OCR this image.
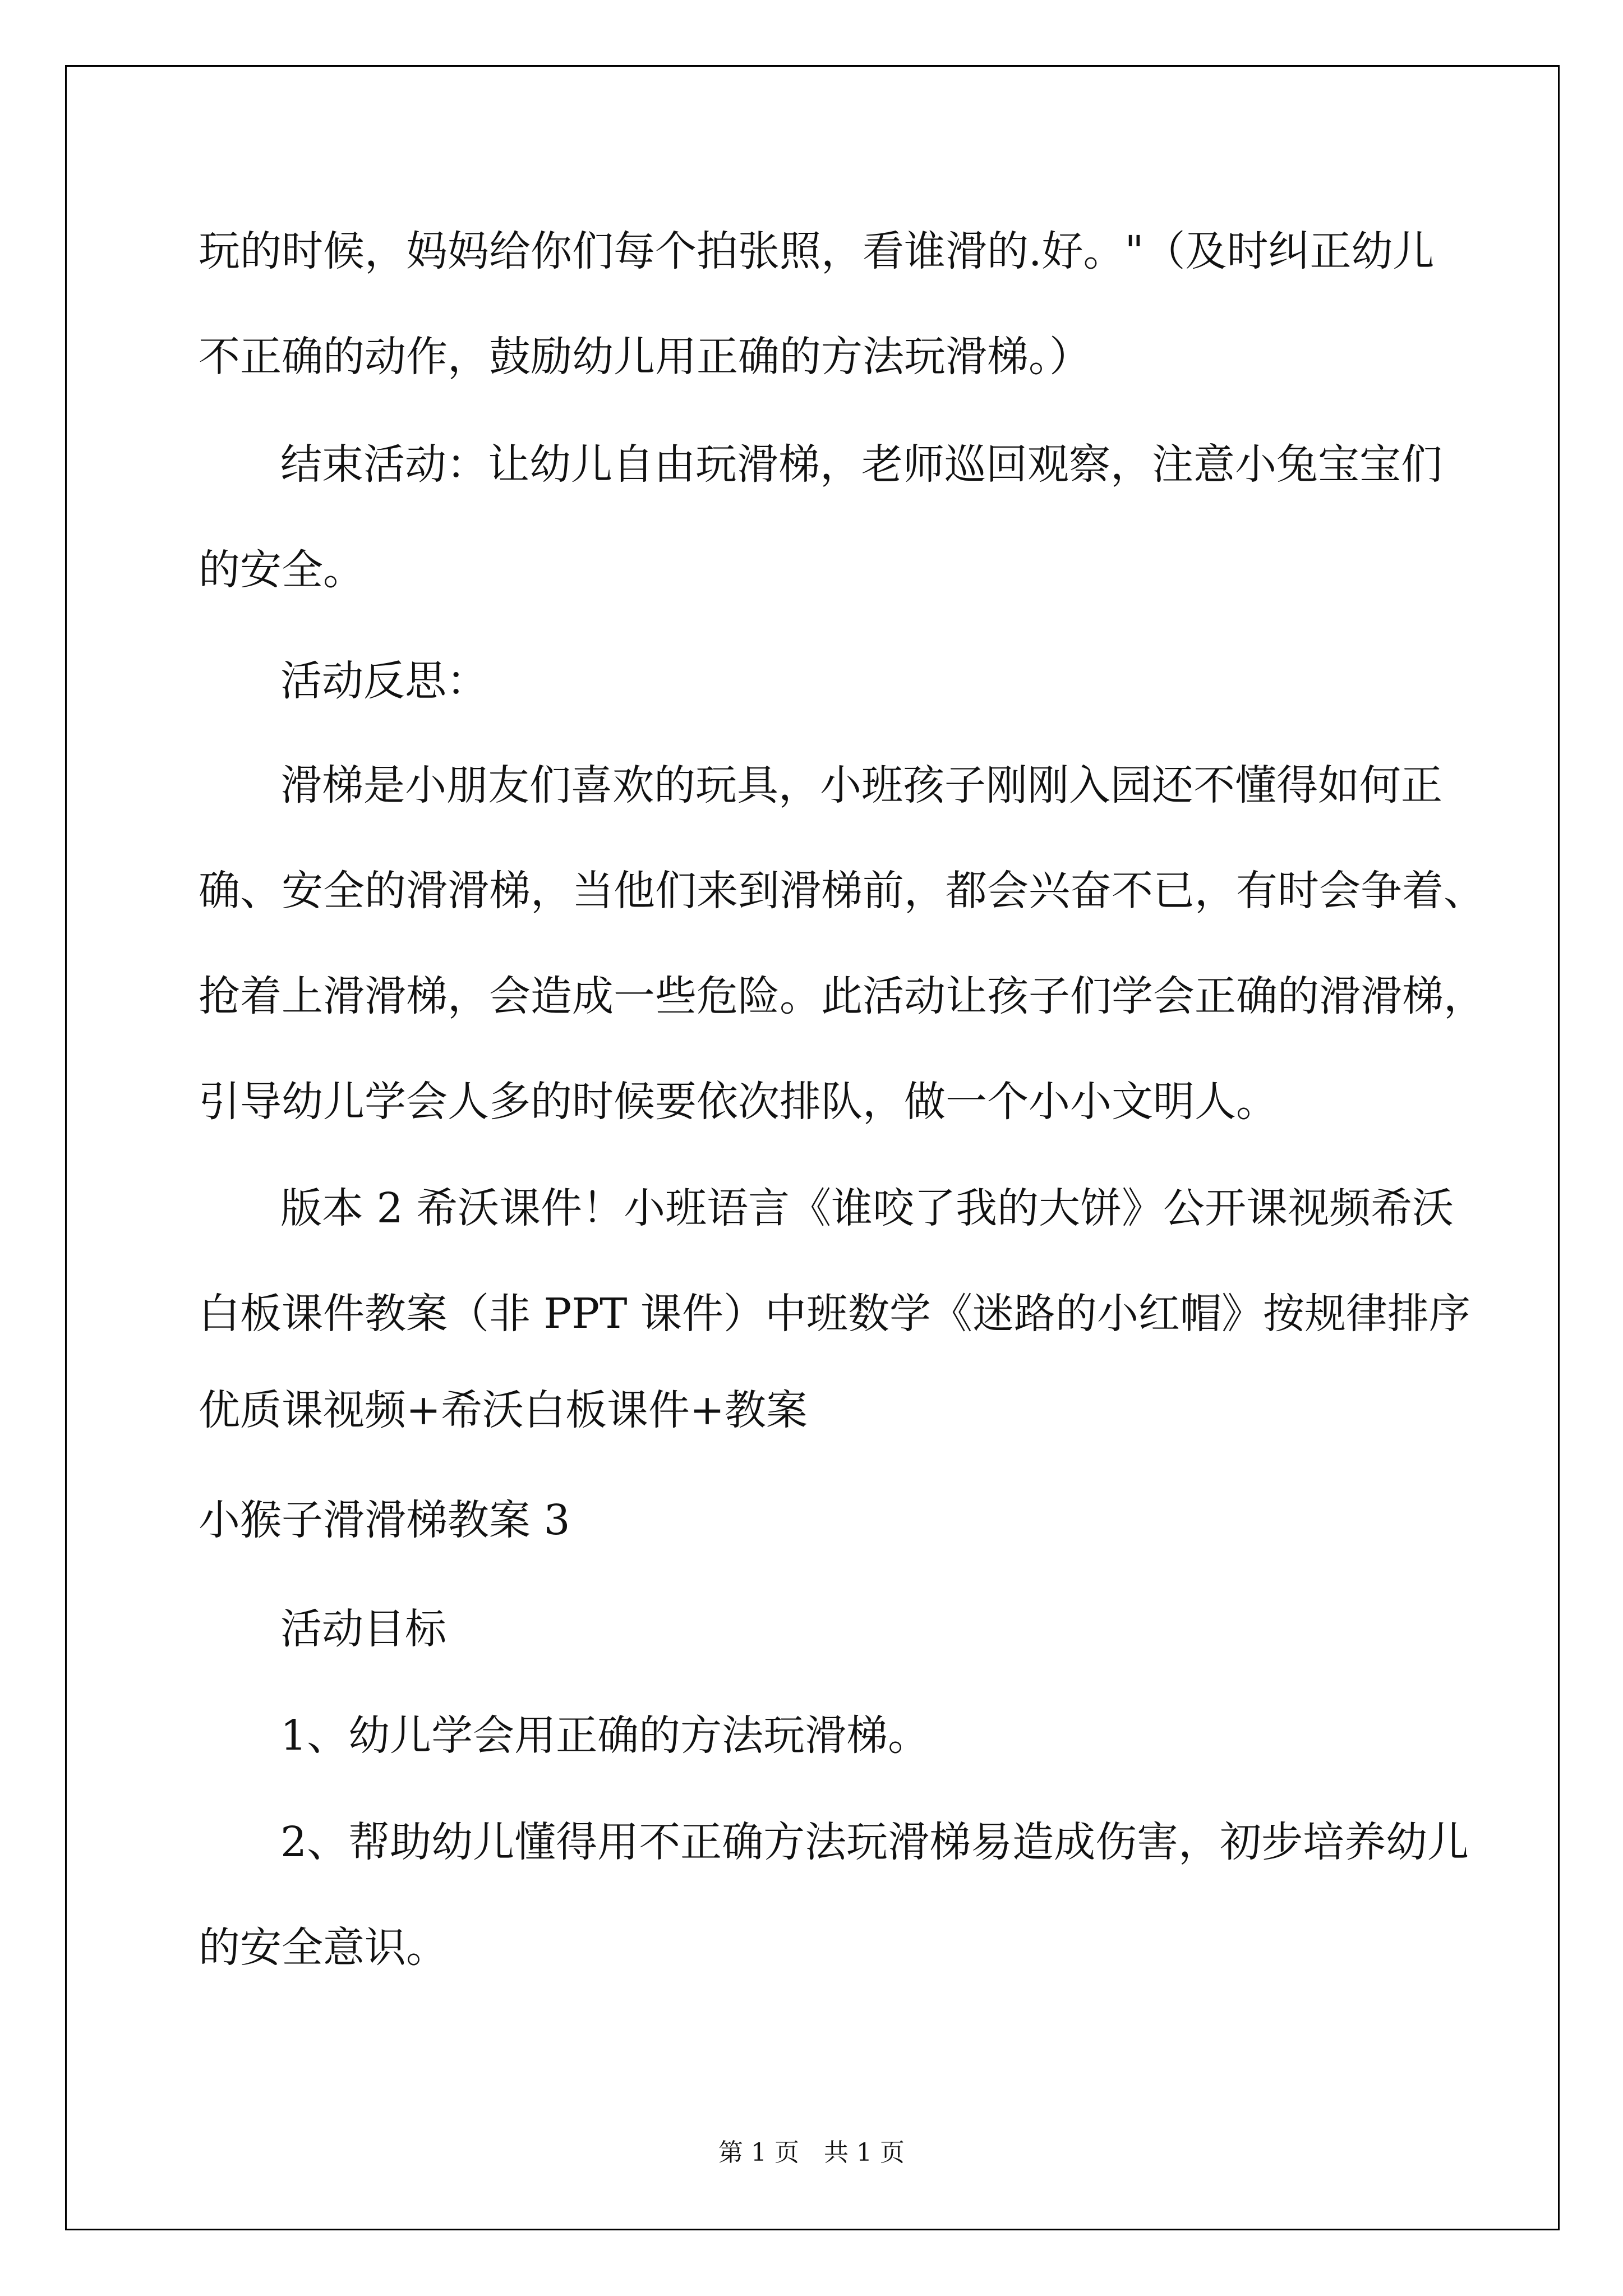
玩的时候，妈妈给你们每个拍张照，看谁滑的.好。"（及时纠正幼儿
不正确的动作，鼓励幼儿用正确的方法玩滑梯。）
结束活动：让幼儿自由玩滑梯，老师巡回观察，注意小兔宝宝们
的安全。
活动反思：
滑梯是小朋友们喜欢的玩具，小班孩子刚刚入园还不懂得如何正
确、安全的滑滑梯，当他们来到滑梯前，都会兴奋不已，有时会争着、
抢着上滑滑梯，会造成一些危险。此活动让孩子们学会正确的滑滑梯，
引导幼儿学会人多的时候要依次排队，做一个小小文明人。
版本 2 希沃课件！小班语言《谁咬了我的大饼》公开课视频希沃
白板课件教案（非 PPT 课件）中班数学《迷路的小红帽》按规律排序
优质课视频+希沃白板课件+教案
小猴子滑滑梯教案 3
活动目标
1、幼儿学会用正确的方法玩滑梯。
2、帮助幼儿懂得用不正确方法玩滑梯易造成伤害，初步培养幼儿
的安全意识。
第 1 页　共 1 页
